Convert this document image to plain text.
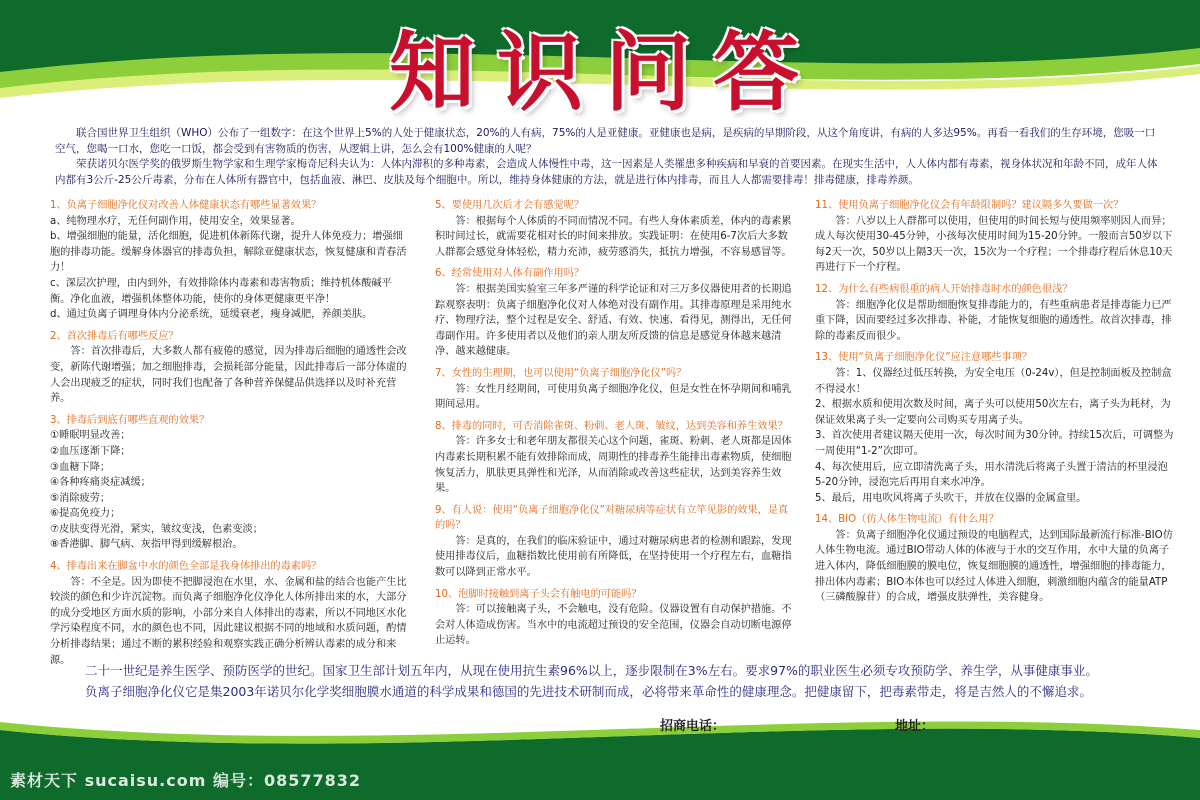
知识问答

联合国世界卫生组织（WHO）公布了一组数字：在这个世界上5%的人处于健康状态，20%的人有病，75%的人是亚健康。亚健康也是病，是疾病的早期阶段，从这个角度讲，有病的人多达95%。再看一看我们的生存环境，您吸一口空气，您喝一口水，您吃一口饭，都会受到有害物质的伤害，从逻辑上讲，怎么会有100%健康的人呢？

荣获诺贝尔医学奖的俄罗斯生物学家和生理学家梅奇尼科夫认为：人体内滞积的多种毒素，会造成人体慢性中毒，这一因素是人类罹患多种疾病和早衰的首要因素。在现实生活中，人人体内都有毒素，视身体状况和年龄不同，成年人体内都有3公斤-25公斤毒素，分布在人体所有器官中，包括血液、淋巴、皮肤及每个细胞中。所以，维持身体健康的方法，就是进行体内排毒，而且人人都需要排毒！排毒健康，排毒养颜。

1、负离子细胞净化仪对改善人体健康状态有哪些显著效果？
a、纯物理水疗，无任何副作用，使用安全，效果显著。
b、增强细胞的能量，活化细胞，促进机体新陈代谢，提升人体免疫力；增强细胞的排毒功能。缓解身体器官的排毒负担，解除亚健康状态，恢复健康和青春活力！
c、深层次护理，由内到外，有效排除体内毒素和毒害物质；维持机体酸碱平衡。净化血液，增强机体整体功能，使你的身体更健康更平净！
d、通过负离子调理身体内分泌系统，延缓衰老，瘦身减肥，养颜美肤。
2、首次排毒后有哪些反应？
答：首次排毒后，大多数人都有疲倦的感觉，因为排毒后细胞的通透性会改变，新陈代谢增强；加之细胞排毒，会损耗部分能量，因此排毒后一部分体虚的人会出现疲乏的症状，同时我们也配备了各种营养保健品供选择以及时补充营养。
3、排毒后到底有哪些直观的效果？
①睡眠明显改善；
②血压逐渐下降；
③血糖下降；
④各种疼痛炎症减缓；
⑤消除疲劳；
⑥提高免疫力；
⑦皮肤变得光滑，紧实，皱纹变浅，色素变淡；
⑧香港脚、脚气病、灰指甲得到缓解根治。
4、排毒出来在脚盆中水的颜色全部是我身体排出的毒素吗？
答：不全是。因为即使不把脚浸泡在水里，水、金属和盐的结合也能产生比较淡的颜色和少许沉淀物。而负离子细胞净化仪净化人体所排出来的水，大部分的成分受地区方面水质的影响，小部分来自人体排出的毒素，所以不同地区水化学污染程度不同，水的颜色也不同，因此建议根据不同的地域和水质问题，酌情分析排毒结果；通过不断的累积经验和观察实践正确分析辨认毒素的成分和来源。
5、要使用几次后才会有感觉呢？
答：根据每个人体质的不同而情况不同。有些人身体素质差，体内的毒素累积时间过长，就需要花相对长的时间来排放。实践证明：在使用6-7次后大多数人群都会感觉身体轻松，精力充沛，疲劳感消失，抵抗力增强，不容易感冒等。
6、经常使用对人体有副作用吗？
答：根据美国实验室三年多严谨的科学论证和对三万多仪器使用者的长期追踪观察表明：负离子细胞净化仪对人体绝对没有副作用。其排毒原理是采用纯水疗、物理疗法，整个过程是安全、舒适、有效、快速、看得见，测得出，无任何毒副作用。许多使用者以及他们的亲人朋友所反馈的信息是感觉身体越来越清净、越来越健康。
7、女性的生理期，也可以使用“负离子细胞净化仪”吗？
答：女性月经期间，可使用负离子细胞净化仪，但是女性在怀孕期间和哺乳期间忌用。
8、排毒的同时，可否消除雀斑、粉刺、老人斑、皱纹，达到美容和养生效果？
答：许多女士和老年朋友都很关心这个问题，雀斑、粉刺、老人斑都是因体内毒素长期积累不能有效排除而成，周期性的排毒养生能排出毒素物质，使细胞恢复活力，肌肤更具弹性和光泽，从而消除或改善这些症状，达到美容养生效果。
9、有人说：使用“负离子细胞净化仪”对糖尿病等症状有立竿见影的效果，是真的吗？
答：是真的，在我们的临床验证中，通过对糖尿病患者的检测和跟踪，发现使用排毒仪后，血糖指数比使用前有所降低，在坚持使用一个疗程左右，血糖指数可以降到正常水平。
10、泡脚时接触到离子头会有触电的可能吗？
答：可以接触离子头，不会触电，没有危险。仪器设置有自动保护措施。不会对人体造成伤害。当水中的电流超过预设的安全范围，仪器会自动切断电源停止运转。
11、使用负离子细胞净化仪会有年龄限制吗？建议隔多久要做一次？
答：八岁以上人群都可以使用，但使用的时间长短与使用频率则因人而异；成人每次使用30-45分钟，小孩每次使用时间为15-20分钟。一般而言50岁以下每2天一次，50岁以上隔3天一次，15次为一个疗程；一个排毒疗程后休息10天再进行下一个疗程。
12、为什么有些病很重的病人开始排毒时水的颜色很浅？
答：细胞净化仪是帮助细胞恢复排毒能力的，有些重病患者是排毒能力已严重下降，因而要经过多次排毒、补能，才能恢复细胞的通透性。故首次排毒，排除的毒素反而很少。
13、使用“负离子细胞净化仪”应注意哪些事项？
答：1、仪器经过低压转换，为安全电压（0-24v），但是控制面板及控制盒不得浸水！
2、根据水质和使用次数及时间，离子头可以使用50次左右，离子头为耗材，为保证效果离子头一定要向公司购买专用离子头。
3、首次使用者建议隔天使用一次，每次时间为30分钟。持续15次后，可调整为一周使用“1-2”次即可。
4、每次使用后，应立即清洗离子头，用水清洗后将离子头置于清洁的杯里浸泡5-20分钟，浸泡完后再用自来水冲净。
5、最后，用电吹风将离子头吹干，并放在仪器的金属盒里。
14、BIO（仿人体生物电流）有什么用？
答：负离子细胞净化仪通过预设的电脑程式，达到国际最新流行标准-BIO仿人体生物电流。通过BIO带动人体的体液与于水的交互作用，水中大量的负离子进入体内，降低细胞膜的膜电位，恢复细胞膜的通透性，增强细胞的排毒能力，排出体内毒素；BIO本体也可以经过人体进入细胞，刺激细胞内蕴含的能量ATP（三磷酸腺苷）的合成，增强皮肤弹性，美容健身。

二十一世纪是养生医学、预防医学的世纪。国家卫生部计划五年内，从现在使用抗生素96%以上，逐步限制在3%左右。要求97%的职业医生必须专攻预防学、养生学，从事健康事业。

负离子细胞净化仪它是集2003年诺贝尔化学奖细胞膜水通道的科学成果和德国的先进技术研制而成，必将带来革命性的健康理念。把健康留下，把毒素带走，将是吉然人的不懈追求。

招商电话：	地址：
素材天下 sucaisu.com 编号：08577832
